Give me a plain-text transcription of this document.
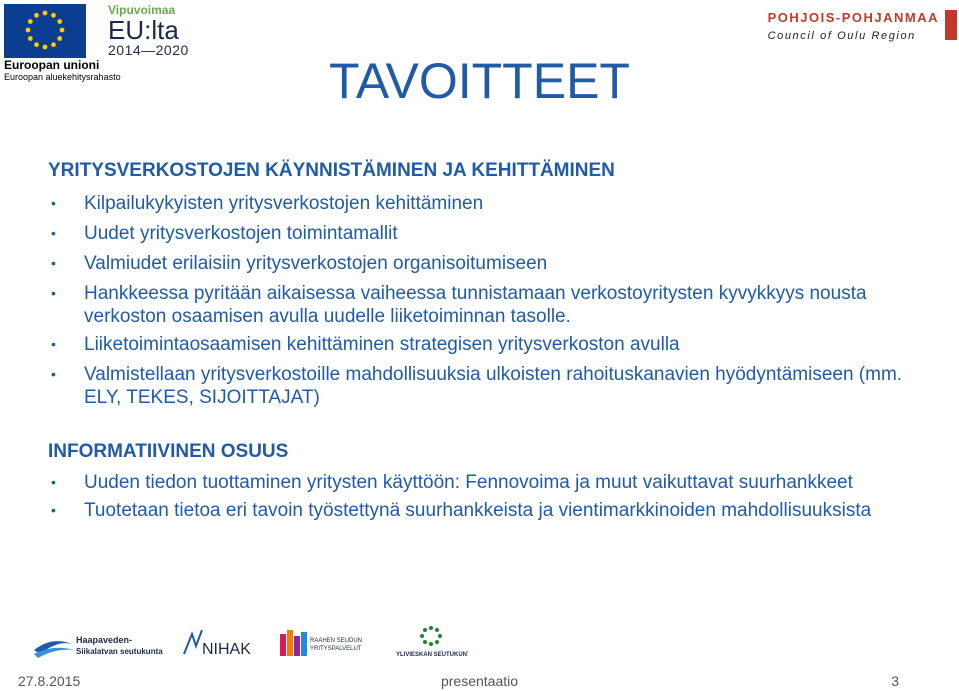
Euroopan unioni
Euroopan aluekehitysrahasto
Vipuvoimaa
EU:lta
2014—2020
POHJOIS-POHJANMAA
Council of Oulu Region
TAVOITTEET
YRITYSVERKOSTOJEN KÄYNNISTÄMINEN JA KEHITTÄMINEN
• Kilpailukykyisten yritysverkostojen kehittäminen
• Uudet yritysverkostojen toimintamallit
• Valmiudet erilaisiin yritysverkostojen organisoitumiseen
• Hankkeessa pyritään aikaisessa vaiheessa tunnistamaan verkostoyritysten kyvykkyys nousta verkoston osaamisen avulla uudelle liiketoiminnan tasolle.
• Liiketoimintaosaamisen kehittäminen strategisen yritysverkoston avulla
• Valmistellaan yritysverkostoille mahdollisuuksia ulkoisten rahoituskanavien hyödyntämiseen (mm. ELY, TEKES, SIJOITTAJAT)
INFORMATIIVINEN OSUUS
• Uuden tiedon tuottaminen yritysten käyttöön: Fennovoima ja muut vaikuttavat suurhankkeet
• Tuotetaan tietoa eri tavoin työstettynä suurhankkeista ja vientimarkkinoiden mahdollisuuksista
Haapaveden-
Siikalatvan seutukunta NIHAK	RAAHEN SEUDUN
YRITYSPALVELUT
YLIVIESKAN SEUTUKUNTA
27.8.2015	presentaatio	3
